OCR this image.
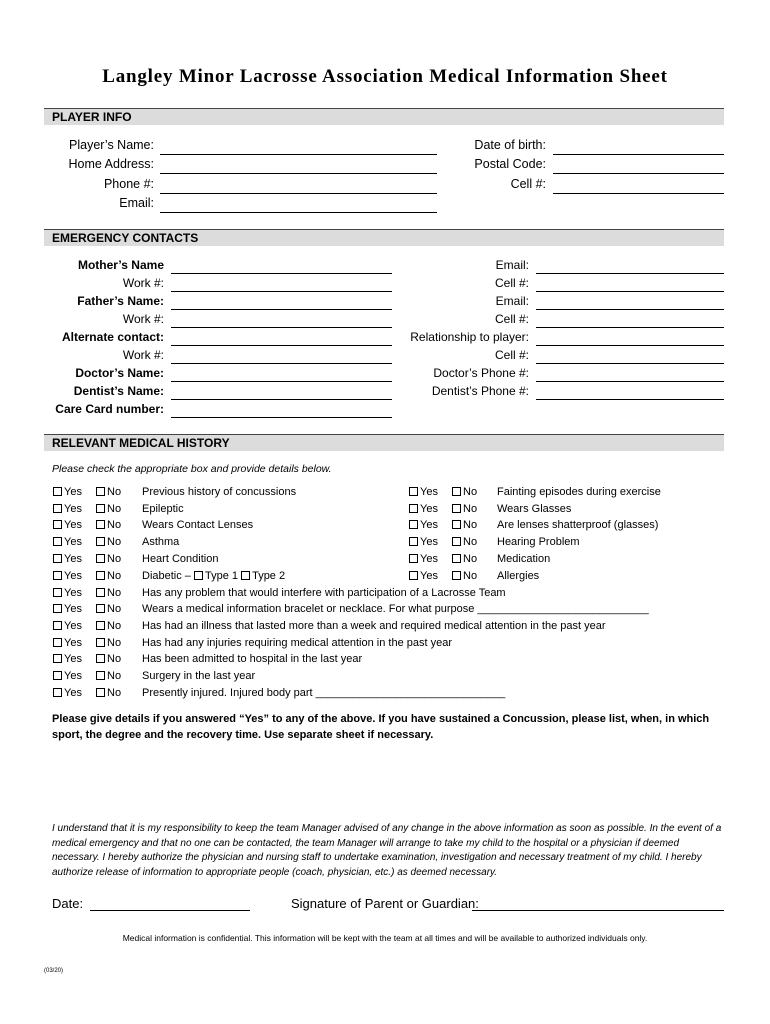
Langley Minor Lacrosse Association Medical Information Sheet
PLAYER INFO
EMERGENCY CONTACTS
RELEVANT MEDICAL HISTORY
Please check the appropriate box and provide details below.
Please give details if you answered “Yes” to any of the above. If you have sustained a Concussion, please list, when, in which sport, the degree and the recovery time. Use separate sheet if necessary.
I understand that it is my responsibility to keep the team Manager advised of any change in the above information as soon as possible. In the event of a medical emergency and that no one can be contacted, the team Manager will arrange to take my child to the hospital or a physician if deemed necessary. I hereby authorize the physician and nursing staff to undertake examination, investigation and necessary treatment of my child. I hereby authorize release of information to appropriate people (coach, physician, etc.) as deemed necessary.
Date:	Signature of Parent or Guardian:
Medical information is confidential. This information will be kept with the team at all times and will be available to authorized individuals only.
(03/20)
Player’s Name:
Home Address:
Phone #:
Email:
Date of birth:
Postal Code:
Cell #:
Mother’s Name
Work #:
Father’s Name:
Work #:
Alternate contact:
Work #:
Doctor’s Name:
Dentist’s Name:
Care Card number:
Email:
Cell #:
Email:
Cell #:
Relationship to player:
Cell #:
Doctor’s Phone #:
Dentist’s Phone #:
Yes	No Previous history of concussions
Yes	No Epileptic
Yes	No Wears Contact Lenses
Yes	No Asthma
Yes	No Heart Condition
Yes	No Diabetic – Type 1 Type 2
Yes	No Has any problem that would interfere with participation of a Lacrosse Team
Yes	No Wears a medical information bracelet or necklace. For what purpose ____________________________
Yes	No Has had an illness that lasted more than a week and required medical attention in the past year
Yes	No Has had any injuries requiring medical attention in the past year
Yes	No Has been admitted to hospital in the last year
Yes	No Surgery in the last year
Yes	No Presently injured. Injured body part _______________________________
Yes	No Fainting episodes during exercise
Yes	No Wears Glasses
Yes	No Are lenses shatterproof (glasses)
Yes	No Hearing Problem
Yes	No Medication
Yes	No Allergies
